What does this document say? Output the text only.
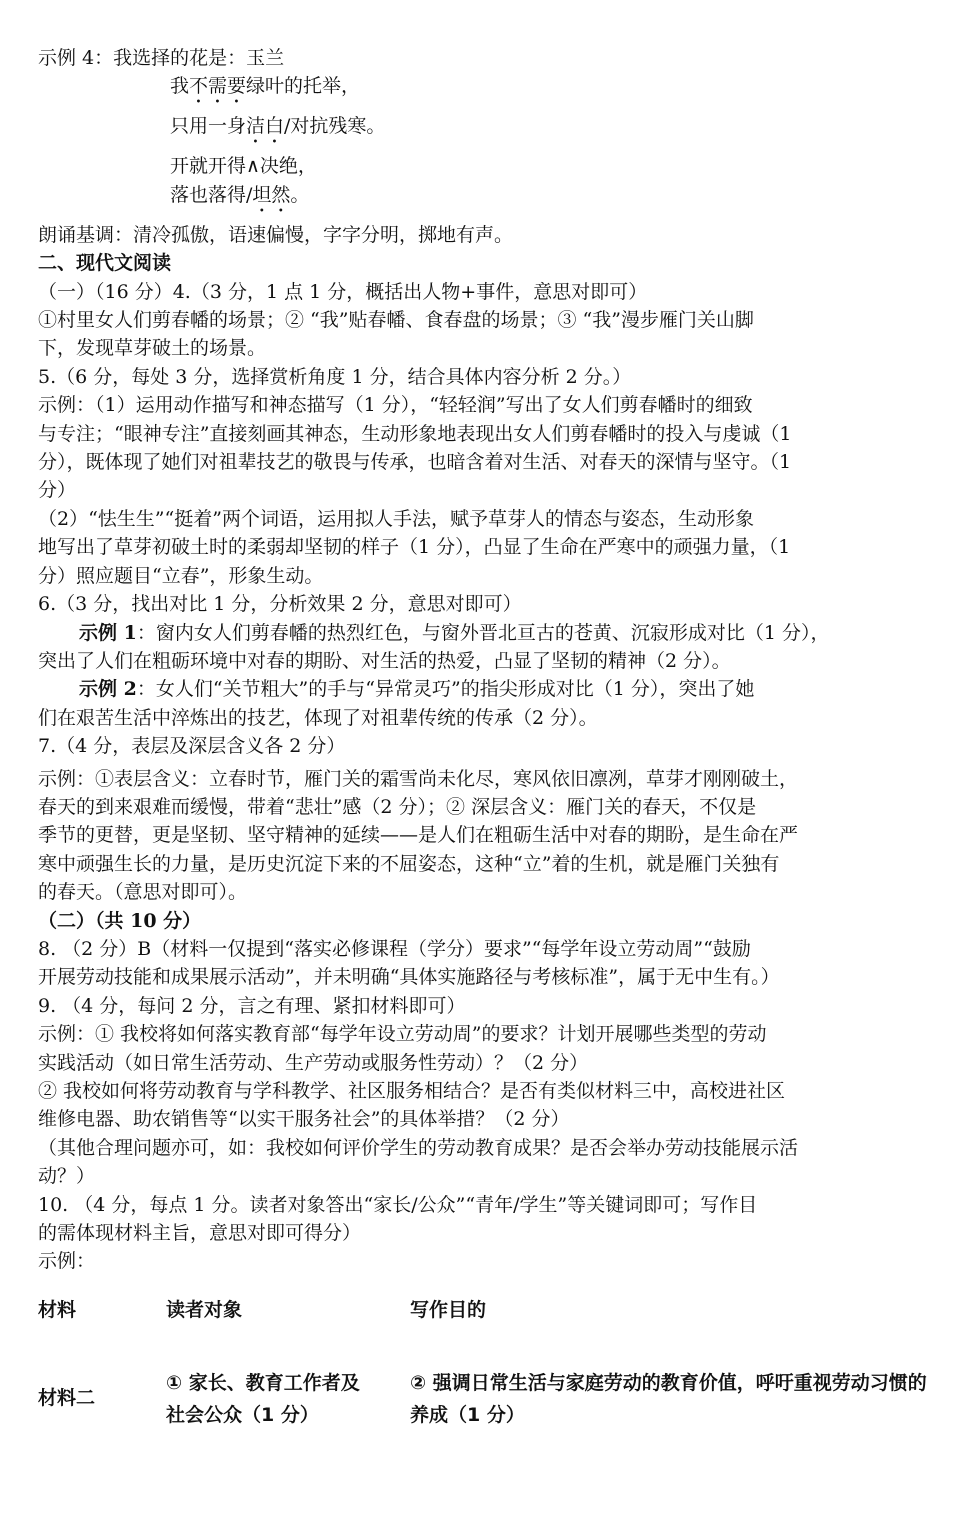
示例 4：我选择的花是：玉兰
我不需要绿叶的托举，
只用一身洁白/对抗残寒。
开就开得∧决绝，
落也落得/坦然。
朗诵基调：清冷孤傲，语速偏慢，字字分明，掷地有声。
二、现代文阅读
（一）（16 分）4.（3 分，1 点 1 分，概括出人物+事件，意思对即可）
①村里女人们剪春幡的场景；② “我”贴春幡、食春盘的场景；③ “我”漫步雁门关山脚
下，发现草芽破土的场景。
5.（6 分，每处 3 分，选择赏析角度 1 分，结合具体内容分析 2 分。）
示例：（1）运用动作描写和神态描写（1 分），“轻轻润”写出了女人们剪春幡时的细致
与专注；“眼神专注”直接刻画其神态，生动形象地表现出女人们剪春幡时的投入与虔诚（1
分），既体现了她们对祖辈技艺的敬畏与传承，也暗含着对生活、对春天的深情与坚守。（1
分）
（2）“怯生生”“挺着”两个词语，运用拟人手法，赋予草芽人的情态与姿态，生动形象
地写出了草芽初破土时的柔弱却坚韧的样子（1 分），凸显了生命在严寒中的顽强力量，（1
分）照应题目“立春”，形象生动。
6.（3 分，找出对比 1 分，分析效果 2 分，意思对即可）
示例 1：窗内女人们剪春幡的热烈红色，与窗外晋北亘古的苍黄、沉寂形成对比（1 分），
突出了人们在粗砺环境中对春的期盼、对生活的热爱，凸显了坚韧的精神（2 分）。
示例 2：女人们“关节粗大”的手与“异常灵巧”的指尖形成对比（1 分），突出了她
们在艰苦生活中淬炼出的技艺，体现了对祖辈传统的传承（2 分）。
7.（4 分，表层及深层含义各 2 分）
示例：①表层含义：立春时节，雁门关的霜雪尚未化尽，寒风依旧凛冽，草芽才刚刚破土，
春天的到来艰难而缓慢，带着“悲壮”感（2 分）；② 深层含义：雁门关的春天，不仅是
季节的更替，更是坚韧、坚守精神的延续——是人们在粗砺生活中对春的期盼，是生命在严
寒中顽强生长的力量，是历史沉淀下来的不屈姿态，这种“立”着的生机，就是雁门关独有
的春天。（意思对即可）。
（二）（共 10 分）
8. （2 分）B（材料一仅提到“落实必修课程（学分）要求”“每学年设立劳动周”“鼓励
开展劳动技能和成果展示活动”，并未明确“具体实施路径与考核标准”，属于无中生有。）
9. （4 分，每问 2 分，言之有理、紧扣材料即可）
示例：① 我校将如何落实教育部“每学年设立劳动周”的要求？计划开展哪些类型的劳动
实践活动（如日常生活劳动、生产劳动或服务性劳动）？（2 分）
② 我校如何将劳动教育与学科教学、社区服务相结合？是否有类似材料三中，高校进社区
维修电器、助农销售等“以实干服务社会”的具体举措？（2 分）
（其他合理问题亦可，如：我校如何评价学生的劳动教育成果？是否会举办劳动技能展示活
动？）
10. （4 分，每点 1 分。读者对象答出“家长/公众”“青年/学生”等关键词即可；写作目
的需体现材料主旨，意思对即可得分）
示例：
材料	读者对象	写作目的
材料二
① 家长、教育工作者及社会公众（1 分）
② 强调日常生活与家庭劳动的教育价值，呼吁重视劳动习惯的养成（1 分）
